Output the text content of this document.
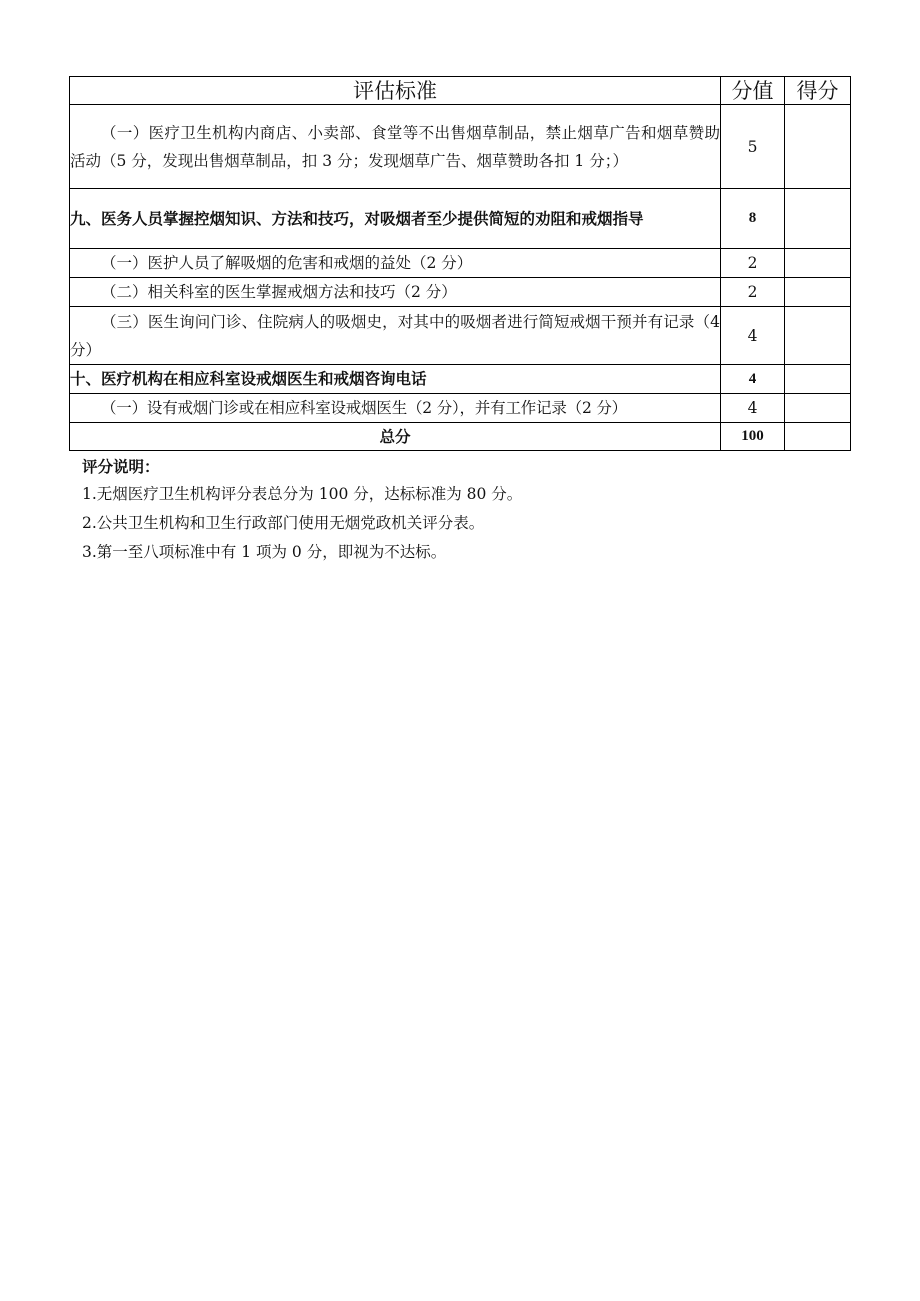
评估标准	分值	得分
（一）医疗卫生机构内商店、小卖部、食堂等不出售烟草制品，禁止烟草广告和烟草赞助活动（5 分，发现出售烟草制品，扣 3 分；发现烟草广告、烟草赞助各扣 1 分；）	5	
九、医务人员掌握控烟知识、方法和技巧，对吸烟者至少提供简短的劝阻和戒烟指导	8	
（一）医护人员了解吸烟的危害和戒烟的益处（2 分）	2	
（二）相关科室的医生掌握戒烟方法和技巧（2 分）	2	
（三）医生询问门诊、住院病人的吸烟史，对其中的吸烟者进行简短戒烟干预并有记录（4 分）	4	
十、医疗机构在相应科室设戒烟医生和戒烟咨询电话	4	
（一）设有戒烟门诊或在相应科室设戒烟医生（2 分），并有工作记录（2 分）	4	
总分	100	

评分说明：

1.无烟医疗卫生机构评分表总分为 100 分，达标标准为 80 分。

2.公共卫生机构和卫生行政部门使用无烟党政机关评分表。

3.第一至八项标准中有 1 项为 0 分，即视为不达标。
